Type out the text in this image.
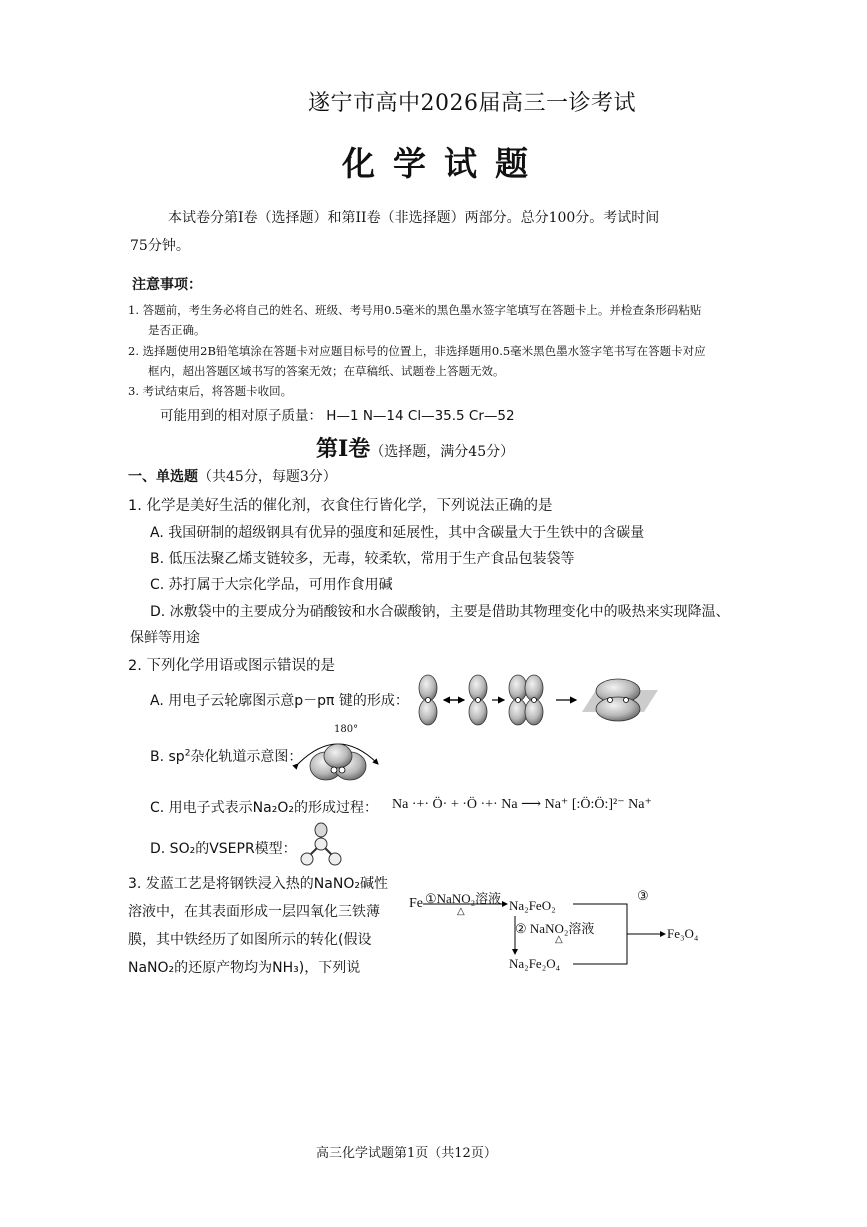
遂宁市高中2026届高三一诊考试
化学试题
本试卷分第Ⅰ卷（选择题）和第II卷（非选择题）两部分。总分100分。考试时间
75分钟。
注意事项：
1. 答题前，考生务必将自己的姓名、班级、考号用0.5毫米的黑色墨水签字笔填写在答题卡上。并检查条形码粘贴
是否正确。
2. 选择题使用2B铅笔填涂在答题卡对应题目标号的位置上，非选择题用0.5毫米黑色墨水签字笔书写在答题卡对应
框内，超出答题区域书写的答案无效；在草稿纸、试题卷上答题无效。
3. 考试结束后，将答题卡收回。
可能用到的相对原子质量： H—1 N—14 Cl—35.5 Cr—52
第Ⅰ卷（选择题，满分45分）
一、单选题（共45分，每题3分）
1. 化学是美好生活的催化剂，衣食住行皆化学，下列说法正确的是
A. 我国研制的超级钢具有优异的强度和延展性，其中含碳量大于生铁中的含碳量
B. 低压法聚乙烯支链较多，无毒，较柔软，常用于生产食品包装袋等
C. 苏打属于大宗化学品，可用作食用碱
D. 冰敷袋中的主要成分为硝酸铵和水合碳酸钠，主要是借助其物理变化中的吸热来实现降温、
保鲜等用途
2. 下列化学用语或图示错误的是
A. 用电子云轮廓图示意p－pπ 键的形成：
B. $sp^2$杂化轨道示意图：
180°
C. 用电子式表示Na₂O₂的形成过程： Na ·+· Ö· + ·Ö ·+· Na ⟶ Na⁺ [:Ö:Ö:]²⁻ Na⁺
D. SO₂的VSEPR模型：
3. 发蓝工艺是将钢铁浸入热的NaNO₂碱性溶液中，在其表面形成一层四氧化三铁薄膜，其中铁经历了如图所示的转化(假设NaNO₂的还原产物均为NH₃)，下列说
Fe ①NaNO₂溶液
△	Na₂FeO₂
② NaNO₂溶液
△
Na₂Fe₂O₄
③
Fe₃O₄
高三化学试题第1页（共12页）
